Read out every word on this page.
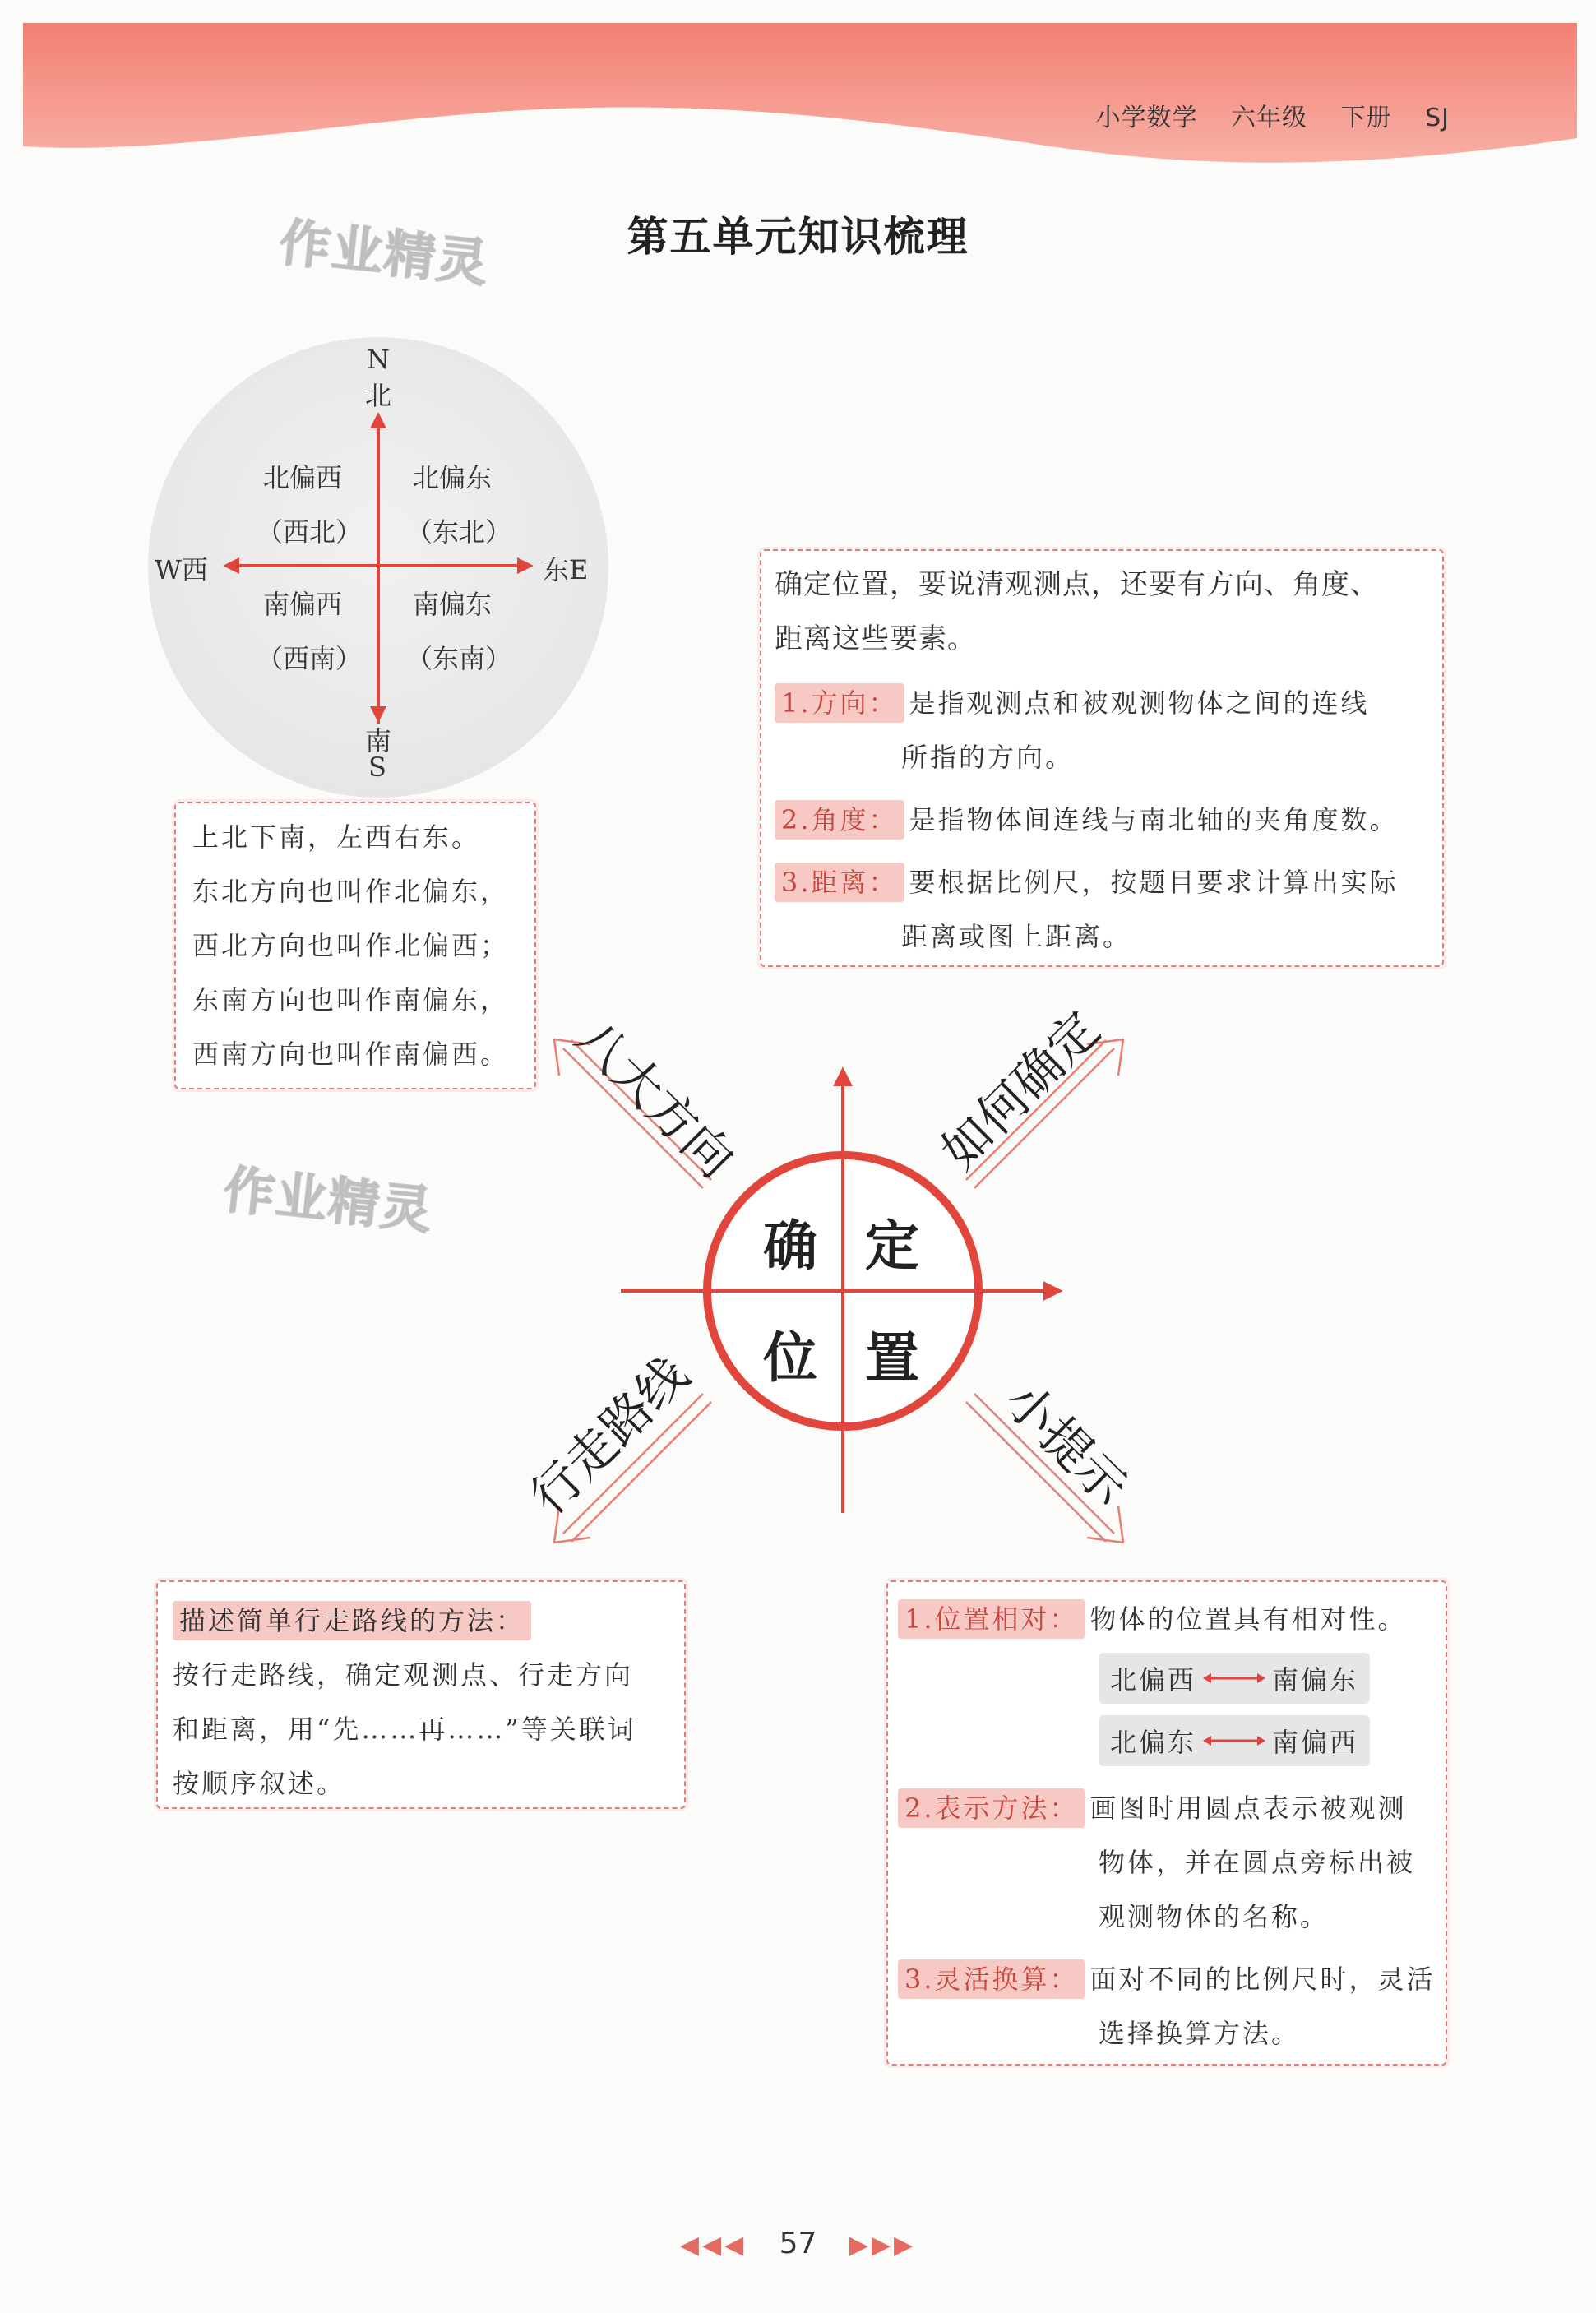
小学数学 六年级 下册 SJ
第五单元知识梳理
作业精灵
作业精灵
N
北
南
S
W西	东E
北偏西
（西北）
北偏东
（东北）
南偏西
（西南）
南偏东
（东南）
上北下南，左西右东。
东北方向也叫作北偏东，
西北方向也叫作北偏西；
东南方向也叫作南偏东，
西南方向也叫作南偏西。
确定位置，要说清观测点，还要有方向、角度、
距离这些要素。
1.方向： 是指观测点和被观测物体之间的连线
所指的方向。
2.角度： 是指物体间连线与南北轴的夹角度数。
3.距离： 要根据比例尺，按题目要求计算出实际
距离或图上距离。
八大方向	如何确定
行走路线	小提示
确 定
位 置
描述简单行走路线的方法：
按行走路线，确定观测点、行走方向
和距离，用“先……再……”等关联词
按顺序叙述。
1.位置相对： 物体的位置具有相对性。
北偏西	南偏东
北偏东	南偏西
2.表示方法： 画图时用圆点表示被观测
物体，并在圆点旁标出被
观测物体的名称。
3.灵活换算： 面对不同的比例尺时，灵活
选择换算方法。
◀◀◀ 57 ▶▶▶
